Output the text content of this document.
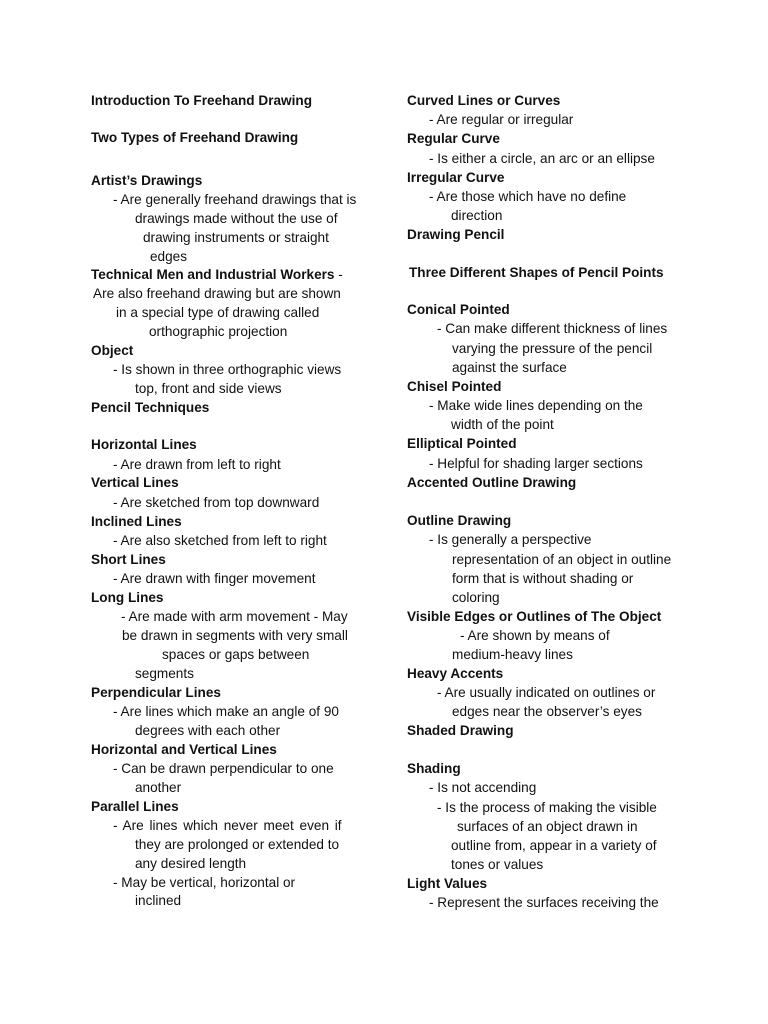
Introduction To Freehand Drawing
Two Types of Freehand Drawing
Artist’s Drawings
- Are generally freehand drawings that is
drawings made without the use of
drawing instruments or straight
edges
Technical Men and Industrial Workers -
Are also freehand drawing but are shown
in a special type of drawing called
orthographic projection
Object
- Is shown in three orthographic views
top, front and side views
Pencil Techniques
Horizontal Lines
- Are drawn from left to right
Vertical Lines
- Are sketched from top downward
Inclined Lines
- Are also sketched from left to right
Short Lines
- Are drawn with finger movement
Long Lines
- Are made with arm movement - May
be drawn in segments with very small
spaces or gaps between
segments
Perpendicular Lines
- Are lines which make an angle of 90
degrees with each other
Horizontal and Vertical Lines
- Can be drawn perpendicular to one
another
Parallel Lines
- Are lines which never meet even if
they are prolonged or extended to
any desired length
- May be vertical, horizontal or
inclined
Curved Lines or Curves
- Are regular or irregular
Regular Curve
- Is either a circle, an arc or an ellipse
Irregular Curve
- Are those which have no define
direction
Drawing Pencil
Three Different Shapes of Pencil Points
Conical Pointed
- Can make different thickness of lines
varying the pressure of the pencil
against the surface
Chisel Pointed
- Make wide lines depending on the
width of the point
Elliptical Pointed
- Helpful for shading larger sections
Accented Outline Drawing
Outline Drawing
- Is generally a perspective
representation of an object in outline
form that is without shading or
coloring
Visible Edges or Outlines of The Object
- Are shown by means of
medium-heavy lines
Heavy Accents
- Are usually indicated on outlines or
edges near the observer’s eyes
Shaded Drawing
Shading
- Is not accending
- Is the process of making the visible
surfaces of an object drawn in
outline from, appear in a variety of
tones or values
Light Values
- Represent the surfaces receiving the
